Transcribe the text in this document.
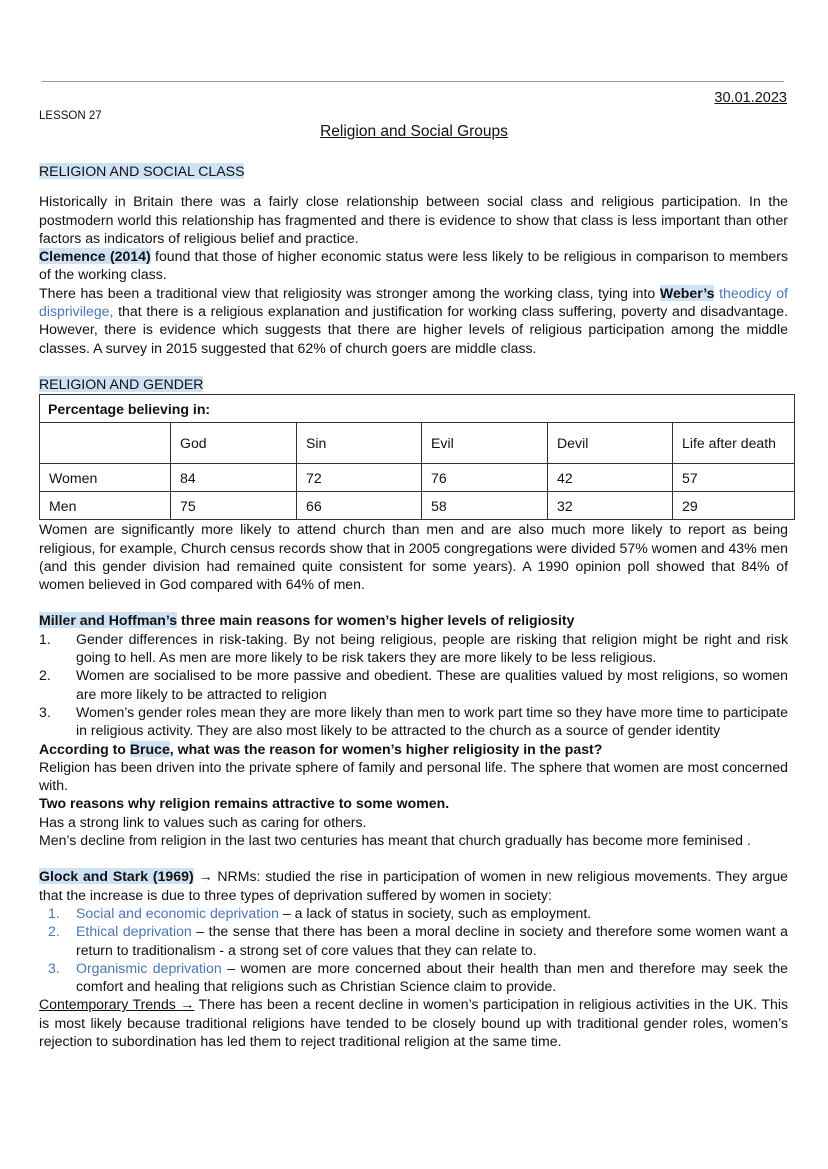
30.01.2023
LESSON 27
Religion and Social Groups
RELIGION AND SOCIAL CLASS

Historically in Britain there was a fairly close relationship between social class and religious participation. In the postmodern world this relationship has fragmented and there is evidence to show that class is less important than other factors as indicators of religious belief and practice.

Clemence (2014) found that those of higher economic status were less likely to be religious in comparison to members of the working class.

There has been a traditional view that religiosity was stronger among the working class, tying into Weber’s theodicy of disprivilege, that there is a religious explanation and justification for working class suffering, poverty and disadvantage. However, there is evidence which suggests that there are higher levels of religious participation among the middle classes. A survey in 2015 suggested that 62% of church goers are middle class.

RELIGION AND GENDER
Percentage believing in:					
	God	Sin	Evil	Devil	Life after death
Women	84	72	76	42	57
Men	75	66	58	32	29

Women are significantly more likely to attend church than men and are also much more likely to report as being religious, for example, Church census records show that in 2005 congregations were divided 57% women and 43% men (and this gender division had remained quite consistent for some years). A 1990 opinion poll showed that 84% of women believed in God compared with 64% of men.

Miller and Hoffman’s three main reasons for women’s higher levels of religiosity
1. Gender differences in risk-taking. By not being religious, people are risking that religion might be right and risk going to hell. As men are more likely to be risk takers they are more likely to be less religious.
2. Women are socialised to be more passive and obedient. These are qualities valued by most religions, so women are more likely to be attracted to religion
3. Women’s gender roles mean they are more likely than men to work part time so they have more time to participate in religious activity. They are also most likely to be attracted to the church as a source of gender identity
According to Bruce, what was the reason for women’s higher religiosity in the past?

Religion has been driven into the private sphere of family and personal life. The sphere that women are most concerned with.

Two reasons why religion remains attractive to some women.

Has a strong link to values such as caring for others.

Men’s decline from religion in the last two centuries has meant that church gradually has become more feminised .

Glock and Stark (1969) → NRMs: studied the rise in participation of women in new religious movements. They argue that the increase is due to three types of deprivation suffered by women in society:

1. Social and economic deprivation – a lack of status in society, such as employment.
2. Ethical deprivation – the sense that there has been a moral decline in society and therefore some women want a return to traditionalism - a strong set of core values that they can relate to.
3. Organismic deprivation – women are more concerned about their health than men and therefore may seek the comfort and healing that religions such as Christian Science claim to provide.

Contemporary Trends → There has been a recent decline in women’s participation in religious activities in the UK. This is most likely because traditional religions have tended to be closely bound up with traditional gender roles, women’s rejection to subordination has led them to reject traditional religion at the same time.
